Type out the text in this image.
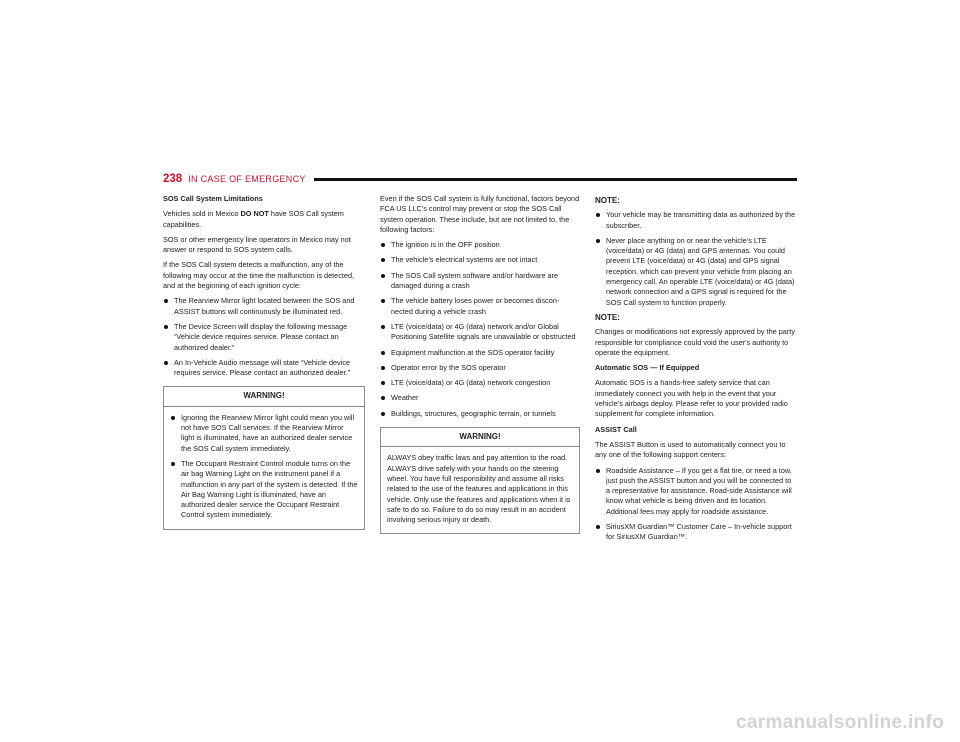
238 IN CASE OF EMERGENCY
SOS Call System Limitations

Vehicles sold in Mexico DO NOT have SOS Call system capabilities.

SOS or other emergency line operators in Mexico may not answer or respond to SOS system calls.

If the SOS Call system detects a malfunction, any of the following may occur at the time the malfunction is detected, and at the beginning of each ignition cycle:

The Rearview Mirror light located between the SOS and ASSIST buttons will continuously be illuminated red.
The Device Screen will display the following message “Vehicle device requires service. Please contact an authorized dealer.”
An In-Vehicle Audio message will state “Vehicle device requires service. Please contact an authorized dealer.”
WARNING!
Ignoring the Rearview Mirror light could mean you will not have SOS Call services. If the Rearview Mirror light is illuminated, have an authorized dealer service the SOS Call system immediately.
The Occupant Restraint Control module turns on the air bag Warning Light on the instrument panel if a malfunction in any part of the system is detected. If the Air Bag Warning Light is illuminated, have an authorized dealer service the Occupant Restraint Control system immediately.

Even if the SOS Call system is fully functional, factors beyond FCA US LLC’s control may prevent or stop the SOS Call system operation. These include, but are not limited to, the following factors:

The ignition is in the OFF position
The vehicle’s electrical systems are not intact
The SOS Call system software and/or hardware are damaged during a crash
The vehicle battery loses power or becomes discon-nected during a vehicle crash
LTE (voice/data) or 4G (data) network and/or Global Positioning Satellite signals are unavailable or obstructed
Equipment malfunction at the SOS operator facility
Operator error by the SOS operator
LTE (voice/data) or 4G (data) network congestion
Weather
Buildings, structures, geographic terrain, or tunnels
WARNING!

ALWAYS obey traffic laws and pay attention to the road. ALWAYS drive safely with your hands on the steering wheel. You have full responsibility and assume all risks related to the use of the features and applications in this vehicle. Only use the features and applications when it is safe to do so. Failure to do so may result in an accident involving serious injury or death.

NOTE:
Your vehicle may be transmitting data as authorized by the subscriber.
Never place anything on or near the vehicle’s LTE (voice/data) or 4G (data) and GPS antennas. You could prevent LTE (voice/data) or 4G (data) and GPS signal reception, which can prevent your vehicle from placing an emergency call. An operable LTE (voice/data) or 4G (data) network connection and a GPS signal is required for the SOS Call system to function properly.
NOTE:

Changes or modifications not expressly approved by the party responsible for compliance could void the user's authority to operate the equipment.

Automatic SOS — If Equipped

Automatic SOS is a hands-free safety service that can immediately connect you with help in the event that your vehicle’s airbags deploy. Please refer to your provided radio supplement for complete information.

ASSIST Call

The ASSIST Button is used to automatically connect you to any one of the following support centers:

Roadside Assistance – If you get a flat tire, or need a tow, just push the ASSIST button and you will be connected to a representative for assistance. Road-side Assistance will know what vehicle is being driven and its location. Additional fees may apply for roadside assistance.
SiriusXM Guardian™ Customer Care – In-vehicle support for SiriusXM Guardian™.
carmanualsonline.info
